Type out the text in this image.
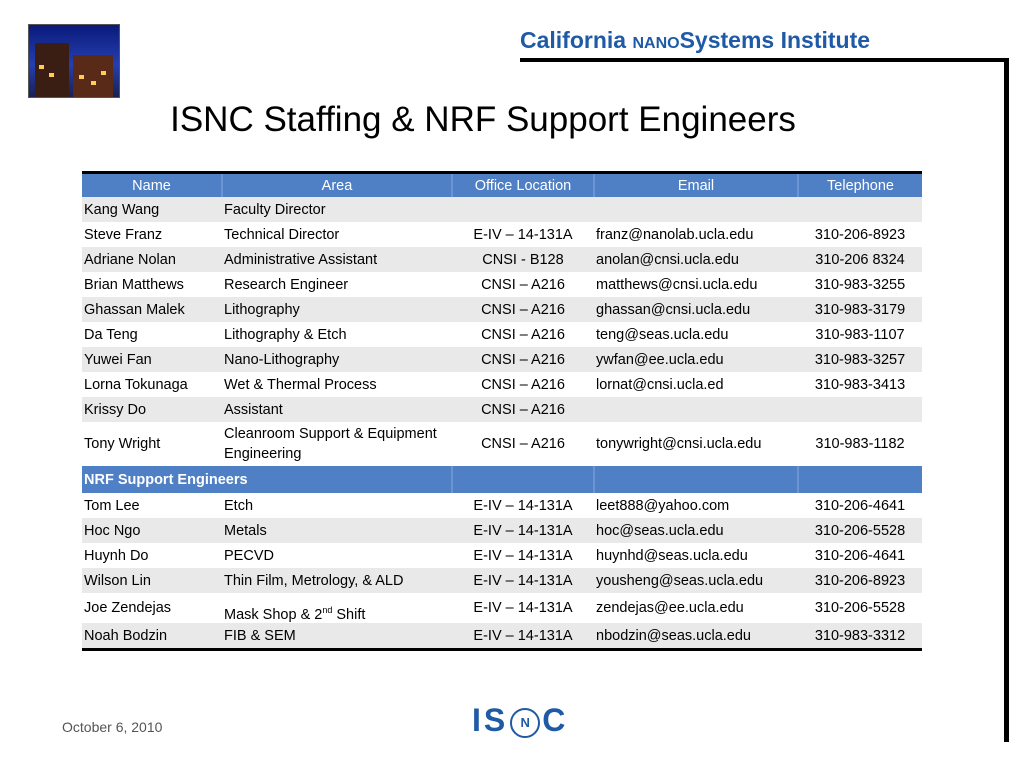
California NANOSystems Institute
ISNC Staffing & NRF Support Engineers
Name	Area	Office Location	Email	Telephone
Kang Wang	Faculty Director			
Steve Franz	Technical Director	E-IV – 14-131A	franz@nanolab.ucla.edu	310-206-8923
Adriane Nolan	Administrative Assistant	CNSI - B128	anolan@cnsi.ucla.edu	310-206 8324
Brian Matthews	Research Engineer	CNSI – A216	matthews@cnsi.ucla.edu	310-983-3255
Ghassan Malek	Lithography	CNSI – A216	ghassan@cnsi.ucla.edu	310-983-3179
Da Teng	Lithography & Etch	CNSI – A216	teng@seas.ucla.edu	310-983-1107
Yuwei Fan	Nano-Lithography	CNSI – A216	ywfan@ee.ucla.edu	310-983-3257
Lorna Tokunaga	Wet & Thermal Process	CNSI – A216	lornat@cnsi.ucla.ed	310-983-3413
Krissy Do	Assistant	CNSI – A216		
Tony Wright	Cleanroom Support & Equipment Engineering	CNSI – A216	tonywright@cnsi.ucla.edu	310-983-1182
NRF Support Engineers				
Tom Lee	Etch	E-IV – 14-131A	leet888@yahoo.com	310-206-4641
Hoc Ngo	Metals	E-IV – 14-131A	hoc@seas.ucla.edu	310-206-5528
Huynh Do	PECVD	E-IV – 14-131A	huynhd@seas.ucla.edu	310-206-4641
Wilson Lin	Thin Film, Metrology, & ALD	E-IV – 14-131A	yousheng@seas.ucla.edu	310-206-8923
Joe Zendejas	Mask Shop & 2nd Shift	E-IV – 14-131A	zendejas@ee.ucla.edu	310-206-5528
Noah Bodzin	FIB & SEM	E-IV – 14-131A	nbodzin@seas.ucla.edu	310-983-3312
October 6, 2010	IS N C
